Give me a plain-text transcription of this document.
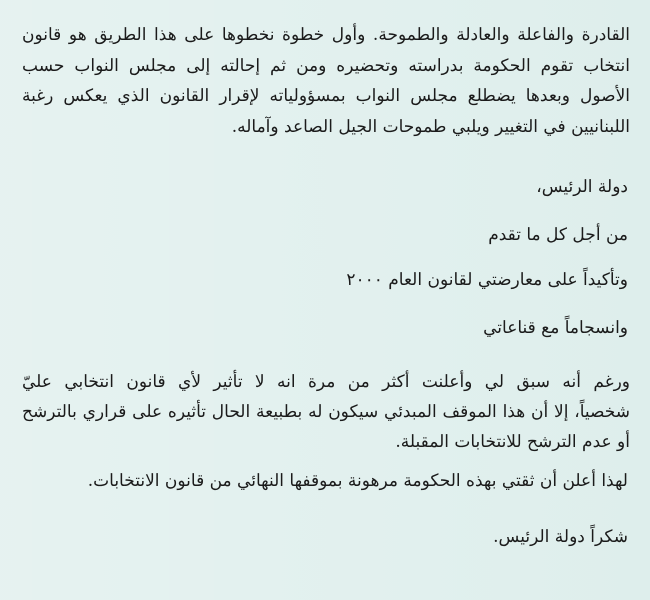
القادرة والفاعلة والعادلة والطموحة. وأول خطوة نخطوها على هذا الطريق هو قانون
انتخاب تقوم الحكومة بدراسته وتحضيره ومن ثم إحالته إلى مجلس النواب حسب
الأصول وبعدها يضطلع مجلس النواب بمسؤولياته لإقرار القانون الذي يعكس رغبة
اللبنانيين في التغيير ويلبي طموحات الجيل الصاعد وآماله.
دولة الرئيس،
من أجل كل ما تقدم
وتأكيداً على معارضتي لقانون العام ٢٠٠٠
وانسجاماً مع قناعاتي
ورغم أنه سبق لي وأعلنت أكثر من مرة انه لا تأثير لأي قانون انتخابي عليّ
شخصياً، إلا أن هذا الموقف المبدئي سيكون له بطبيعة الحال تأثيره على قراري بالترشح
أو عدم الترشح للانتخابات المقبلة.
لهذا أعلن أن ثقتي بهذه الحكومة مرهونة بموقفها النهائي من قانون الانتخابات.
شكراً دولة الرئيس.
